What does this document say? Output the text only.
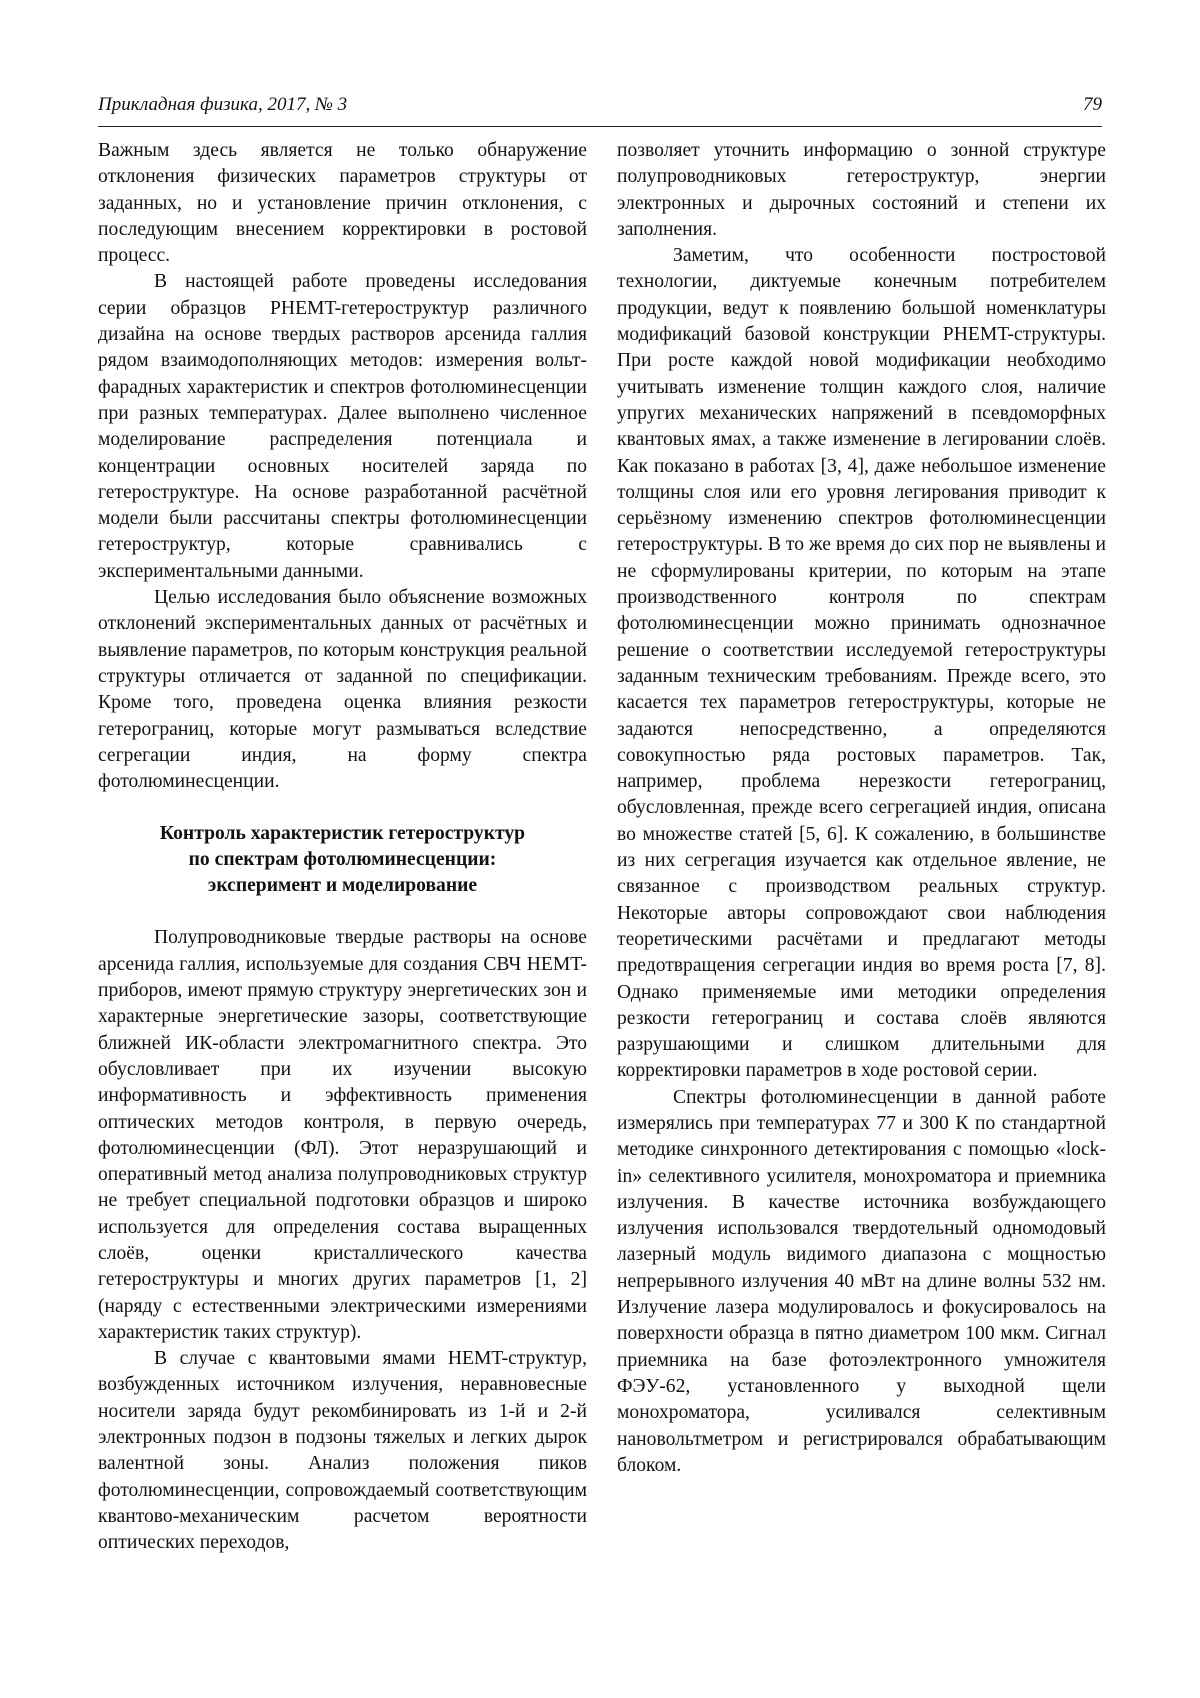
Прикладная физика, 2017, № 3	79

Важным здесь является не только обнаружение отклонения физических параметров структуры от заданных, но и установление причин отклонения, с последующим внесением корректировки в ростовой процесс.

В настоящей работе проведены исследования серии образцов PHEMT-гетероструктур различного дизайна на основе твердых растворов арсенида галлия рядом взаимодополняющих методов: измерения вольт-фарадных характеристик и спектров фотолюминесценции при разных температурах. Далее выполнено численное моделирование распределения потенциала и концентрации основных носителей заряда по гетероструктуре. На основе разработанной расчётной модели были рассчитаны спектры фотолюминесценции гетероструктур, которые сравнивались с экспериментальными данными.

Целью исследования было объяснение возможных отклонений экспериментальных данных от расчётных и выявление параметров, по которым конструкция реальной структуры отличается от заданной по спецификации. Кроме того, проведена оценка влияния резкости гетерограниц, которые могут размываться вследствие сегрегации индия, на форму спектра фотолюминесценции.

Контроль характеристик гетероструктур
по спектрам фотолюминесценции:
эксперимент и моделирование

Полупроводниковые твердые растворы на основе арсенида галлия, используемые для создания СВЧ HEMT-приборов, имеют прямую структуру энергетических зон и характерные энергетические зазоры, соответствующие ближней ИК-области электромагнитного спектра. Это обусловливает при их изучении высокую информативность и эффективность применения оптических методов контроля, в первую очередь, фотолюминесценции (ФЛ). Этот неразрушающий и оперативный метод анализа полупроводниковых структур не требует специальной подготовки образцов и широко используется для определения состава выращенных слоёв, оценки кристаллического качества гетероструктуры и многих других параметров [1, 2] (наряду с естественными электрическими измерениями характеристик таких структур).

В случае с квантовыми ямами HEMT-структур, возбужденных источником излучения, неравновесные носители заряда будут рекомбинировать из 1-й и 2-й электронных подзон в подзоны тяжелых и легких дырок валентной зоны. Анализ положения пиков фотолюминесценции, сопровождаемый соответствующим квантово-механическим расчетом вероятности оптических переходов,

позволяет уточнить информацию о зонной структуре полупроводниковых гетероструктур, энергии электронных и дырочных состояний и степени их заполнения.

Заметим, что особенности постростовой технологии, диктуемые конечным потребителем продукции, ведут к появлению большой номенклатуры модификаций базовой конструкции PHEMT-структуры. При росте каждой новой модификации необходимо учитывать изменение толщин каждого слоя, наличие упругих механических напряжений в псевдоморфных квантовых ямах, а также изменение в легировании слоёв. Как показано в работах [3, 4], даже небольшое изменение толщины слоя или его уровня легирования приводит к серьёзному изменению спектров фотолюминесценции гетероструктуры. В то же время до сих пор не выявлены и не сформулированы критерии, по которым на этапе производственного контроля по спектрам фотолюминесценции можно принимать однозначное решение о соответствии исследуемой гетероструктуры заданным техническим требованиям. Прежде всего, это касается тех параметров гетероструктуры, которые не задаются непосредственно, а определяются совокупностью ряда ростовых параметров. Так, например, проблема нерезкости гетерограниц, обусловленная, прежде всего сегрегацией индия, описана во множестве статей [5, 6]. К сожалению, в большинстве из них сегрегация изучается как отдельное явление, не связанное с производством реальных структур. Некоторые авторы сопровождают свои наблюдения теоретическими расчётами и предлагают методы предотвращения сегрегации индия во время роста [7, 8]. Однако применяемые ими методики определения резкости гетерограниц и состава слоёв являются разрушающими и слишком длительными для корректировки параметров в ходе ростовой серии.

Спектры фотолюминесценции в данной работе измерялись при температурах 77 и 300 К по стандартной методике синхронного детектирования с помощью «lock-in» селективного усилителя, монохроматора и приемника излучения. В качестве источника возбуждающего излучения использовался твердотельный одномодовый лазерный модуль видимого диапазона с мощностью непрерывного излучения 40 мВт на длине волны 532 нм. Излучение лазера модулировалось и фокусировалось на поверхности образца в пятно диаметром 100 мкм. Сигнал приемника на базе фотоэлектронного умножителя ФЭУ-62, установленного у выходной щели монохроматора, усиливался селективным нановольтметром и регистрировался обрабатывающим блоком.
